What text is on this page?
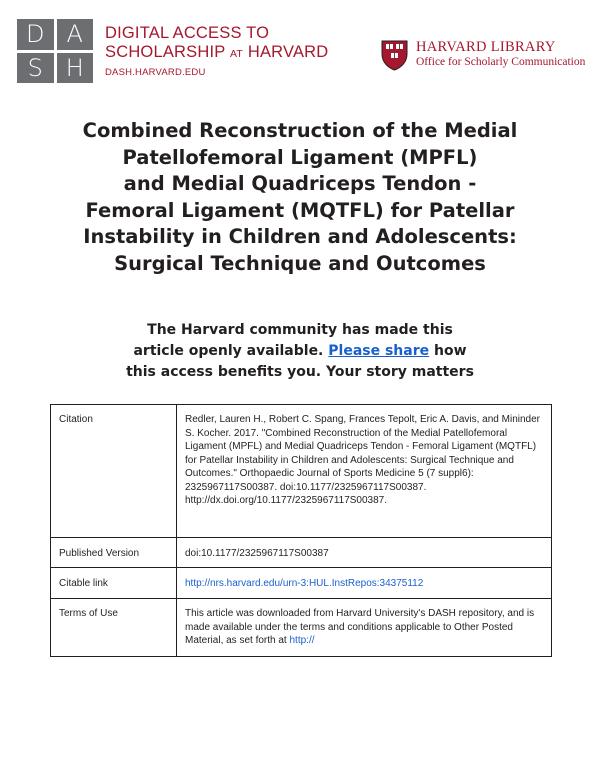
D A
S H
DIGITAL ACCESS TO
SCHOLARSHIP AT HARVARD
DASH.HARVARD.EDU
HARVARD LIBRARY
Office for Scholarly Communication
Combined Reconstruction of the Medial
Patellofemoral Ligament (MPFL)
and Medial Quadriceps Tendon -
Femoral Ligament (MQTFL) for Patellar
Instability in Children and Adolescents:
Surgical Technique and Outcomes
The Harvard community has made this
article openly available. Please share how
this access benefits you. Your story matters
Citation	Redler, Lauren H., Robert C. Spang, Frances Tepolt, Eric A. Davis, and Mininder S. Kocher. 2017. "Combined Reconstruction of the Medial Patellofemoral Ligament (MPFL) and Medial Quadriceps Tendon - Femoral Ligament (MQTFL) for Patellar Instability in Children and Adolescents: Surgical Technique and Outcomes." Orthopaedic Journal of Sports Medicine 5 (7 suppl6): 2325967117S00387. doi:10.1177/2325967117S00387. http://dx.doi.org/10.1177/2325967117S00387.
Published Version	doi:10.1177/2325967117S00387
Citable link	http://nrs.harvard.edu/urn-3:HUL.InstRepos:34375112
Terms of Use	This article was downloaded from Harvard University's DASH repository, and is made available under the terms and conditions applicable to Other Posted Material, as set forth at http://
